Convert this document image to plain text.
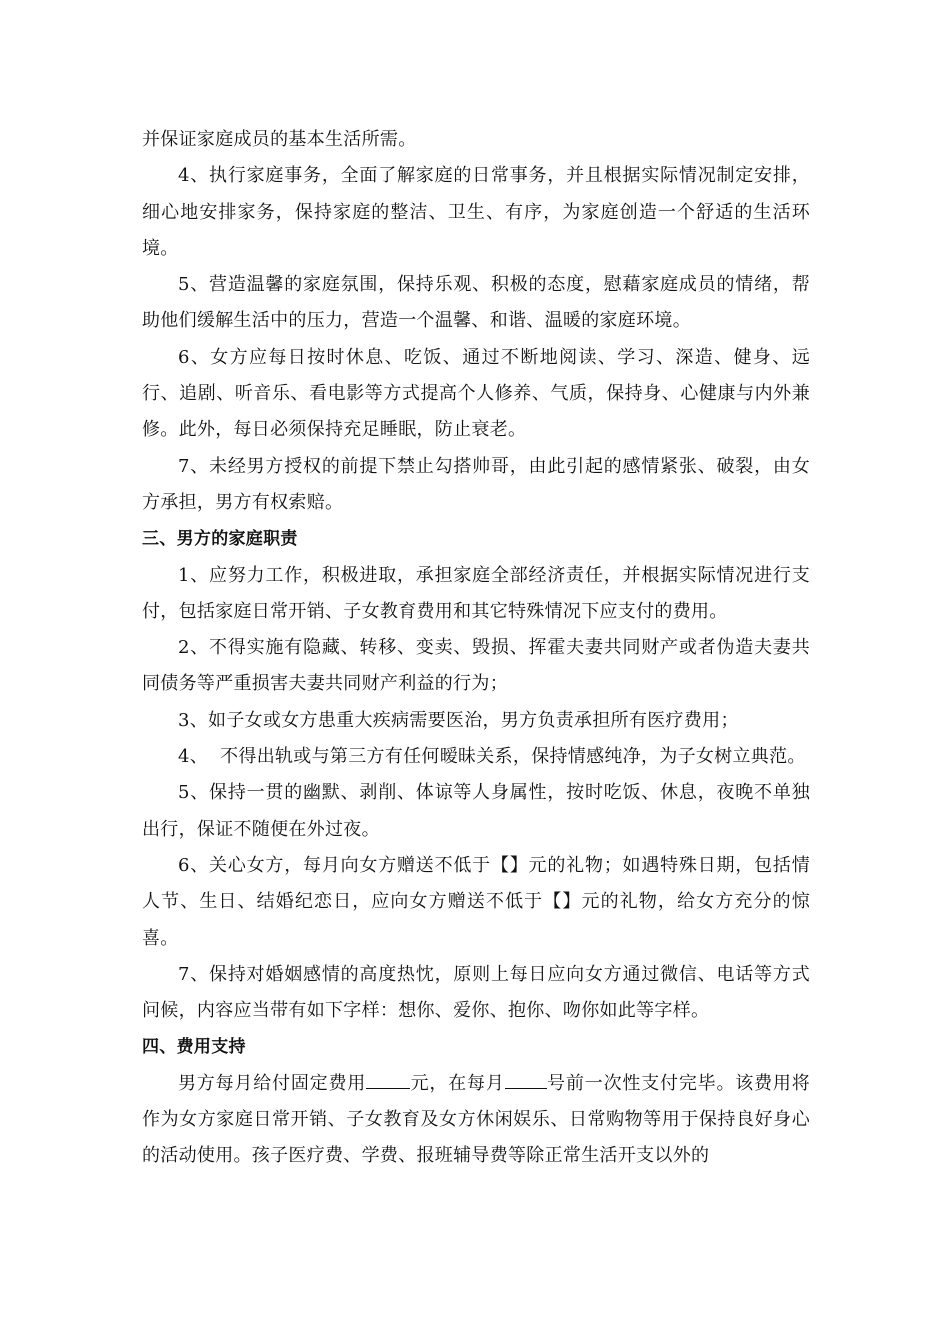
并保证家庭成员的基本生活所需。

4、执行家庭事务，全面了解家庭的日常事务，并且根据实际情况制定安排，细心地安排家务，保持家庭的整洁、卫生、有序，为家庭创造一个舒适的生活环境。

5、营造温馨的家庭氛围，保持乐观、积极的态度，慰藉家庭成员的情绪，帮助他们缓解生活中的压力，营造一个温馨、和谐、温暖的家庭环境。

6、女方应每日按时休息、吃饭、通过不断地阅读、学习、深造、健身、远行、追剧、听音乐、看电影等方式提高个人修养、气质，保持身、心健康与内外兼修。此外，每日必须保持充足睡眠，防止衰老。

7、未经男方授权的前提下禁止勾搭帅哥，由此引起的感情紧张、破裂，由女方承担，男方有权索赔。

三、男方的家庭职责

1、应努力工作，积极进取，承担家庭全部经济责任，并根据实际情况进行支付，包括家庭日常开销、子女教育费用和其它特殊情况下应支付的费用。

2、不得实施有隐藏、转移、变卖、毁损、挥霍夫妻共同财产或者伪造夫妻共同债务等严重损害夫妻共同财产利益的行为；

3、如子女或女方患重大疾病需要医治，男方负责承担所有医疗费用；

4、  不得出轨或与第三方有任何暧昧关系，保持情感纯净，为子女树立典范。

5、保持一贯的幽默、剥削、体谅等人身属性，按时吃饭、休息，夜晚不单独出行，保证不随便在外过夜。

6、关心女方，每月向女方赠送不低于【】元的礼物；如遇特殊日期，包括情人节、生日、结婚纪恋日，应向女方赠送不低于【】元的礼物，给女方充分的惊喜。

7、保持对婚姻感情的高度热忱，原则上每日应向女方通过微信、电话等方式问候，内容应当带有如下字样：想你、爱你、抱你、吻你如此等字样。

四、费用支持

男方每月给付固定费用 元，在每月 号前一次性支付完毕。该费用将作为女方家庭日常开销、子女教育及女方休闲娱乐、日常购物等用于保持良好身心的活动使用。孩子医疗费、学费、报班辅导费等除正常生活开支以外的
